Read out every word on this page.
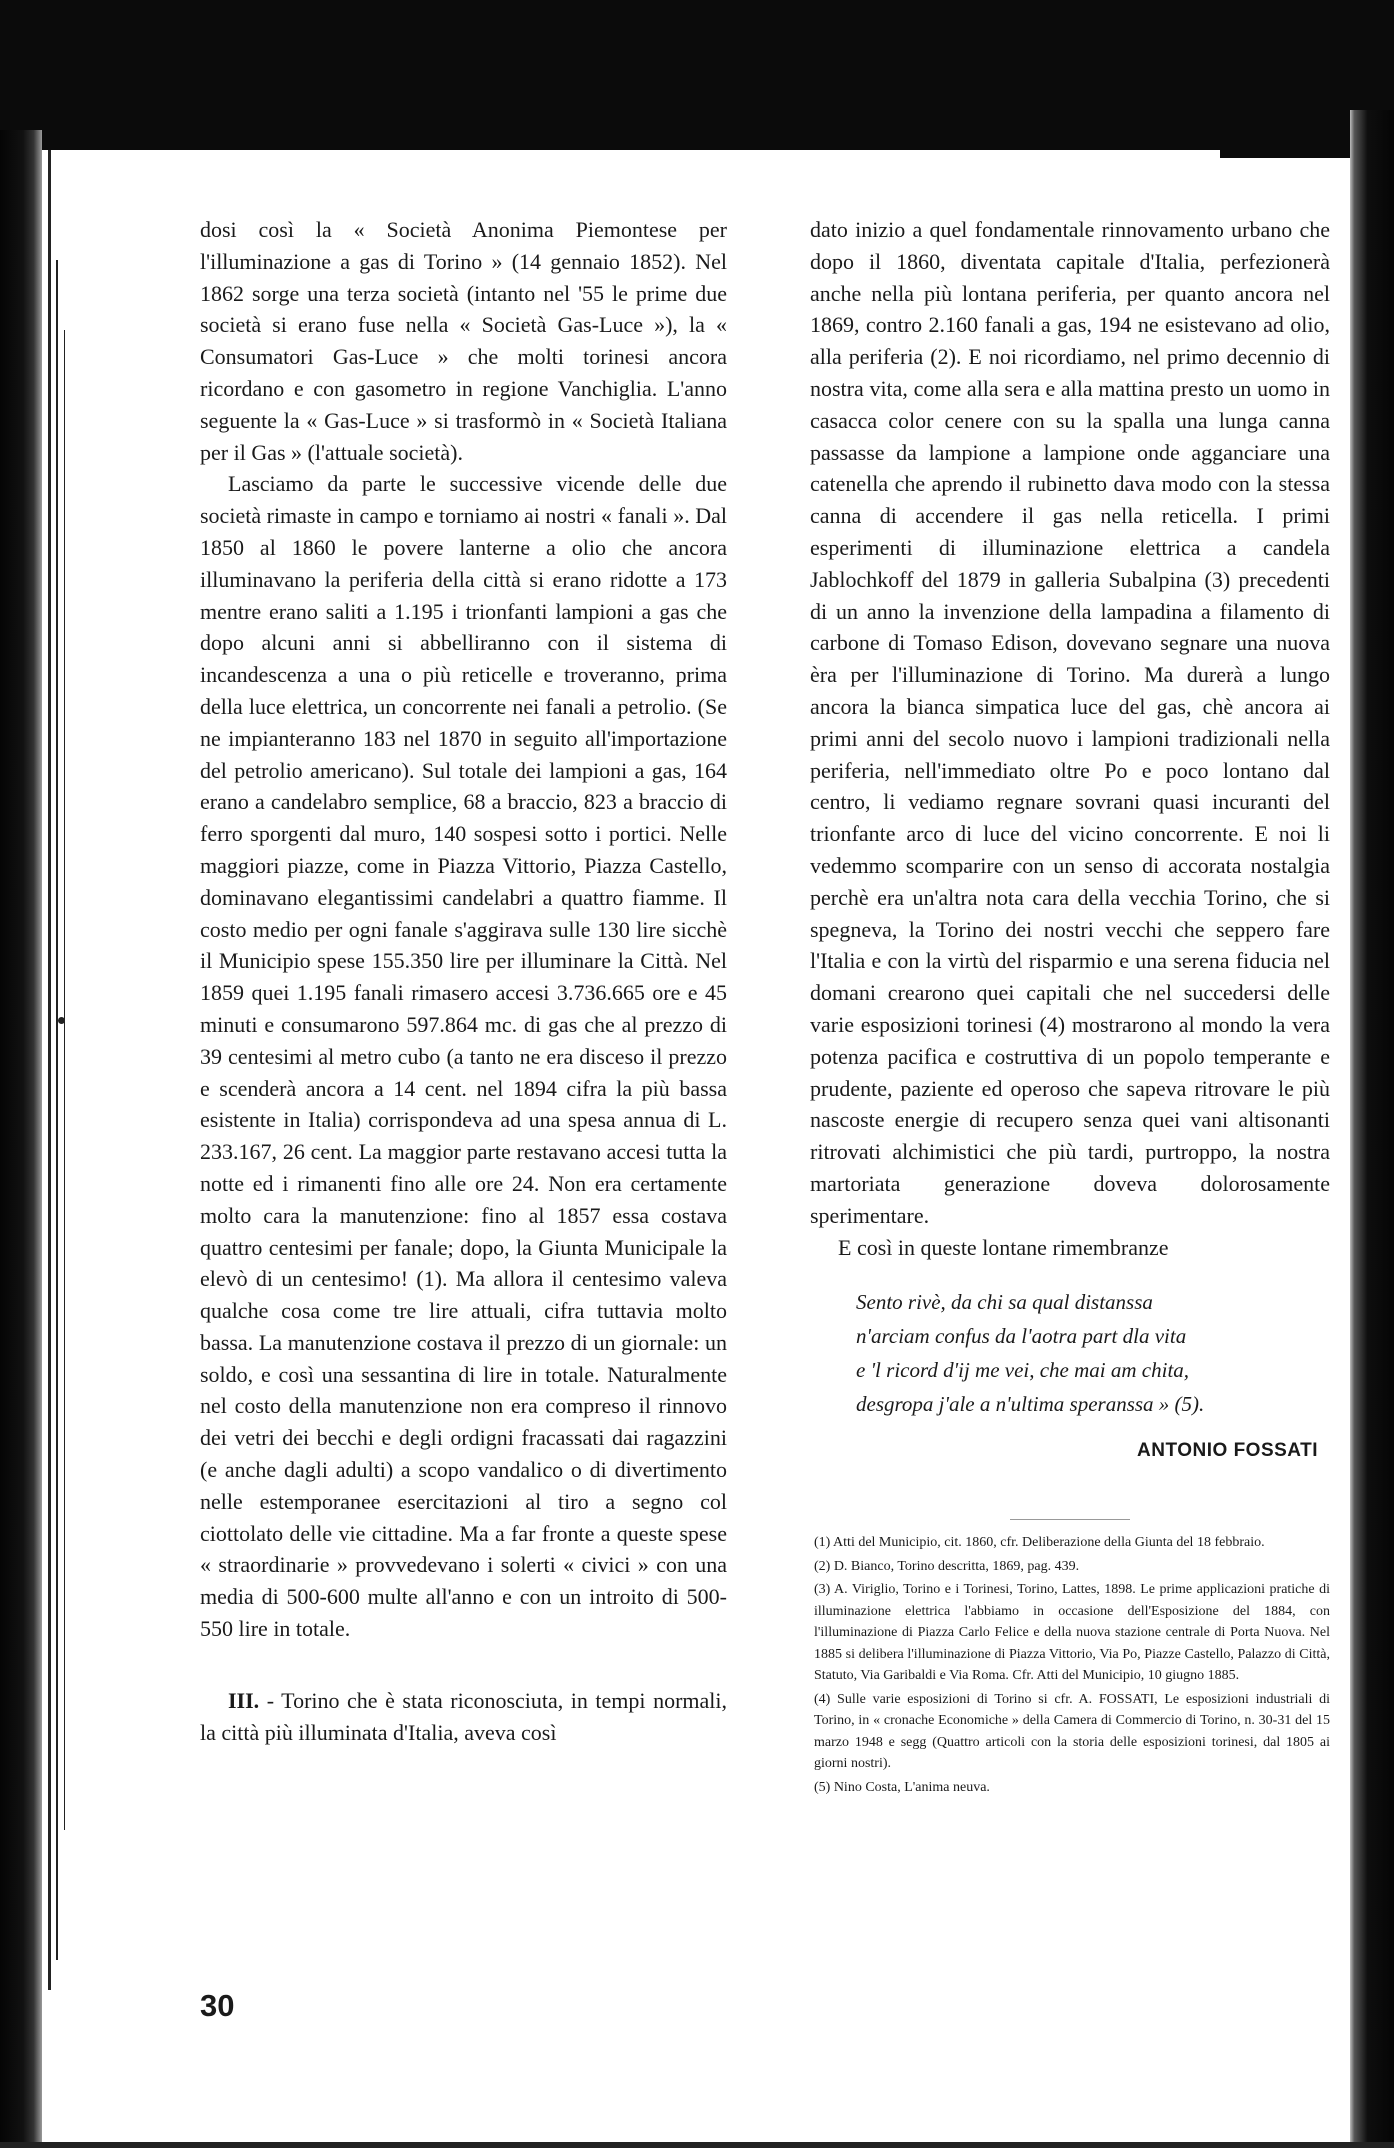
dosi così la « Società Anonima Piemontese per l'illuminazione a gas di Torino » (14 gennaio 1852). Nel 1862 sorge una terza società (intanto nel '55 le prime due società si erano fuse nella « Società Gas-Luce »), la « Consumatori Gas-Luce » che molti torinesi ancora ricordano e con gasometro in regione Vanchiglia. L'anno seguente la « Gas-Luce » si trasformò in « Società Italiana per il Gas » (l'attuale società).

Lasciamo da parte le successive vicende delle due società rimaste in campo e torniamo ai nostri « fanali ». Dal 1850 al 1860 le povere lanterne a olio che ancora illuminavano la periferia della città si erano ridotte a 173 mentre erano saliti a 1.195 i trionfanti lampioni a gas che dopo alcuni anni si abbelliranno con il sistema di incandescenza a una o più reticelle e troveranno, prima della luce elettrica, un concorrente nei fanali a petrolio. (Se ne impianteranno 183 nel 1870 in seguito all'importazione del petrolio americano). Sul totale dei lampioni a gas, 164 erano a candelabro semplice, 68 a braccio, 823 a braccio di ferro sporgenti dal muro, 140 sospesi sotto i portici. Nelle maggiori piazze, come in Piazza Vittorio, Piazza Castello, dominavano elegantissimi candelabri a quattro fiamme. Il costo medio per ogni fanale s'aggirava sulle 130 lire sicchè il Municipio spese 155.350 lire per illuminare la Città. Nel 1859 quei 1.195 fanali rimasero accesi 3.736.665 ore e 45 minuti e consumarono 597.864 mc. di gas che al prezzo di 39 centesimi al metro cubo (a tanto ne era disceso il prezzo e scenderà ancora a 14 cent. nel 1894 cifra la più bassa esistente in Italia) corrispondeva ad una spesa annua di L. 233.167, 26 cent. La maggior parte restavano accesi tutta la notte ed i rimanenti fino alle ore 24. Non era certamente molto cara la manutenzione: fino al 1857 essa costava quattro centesimi per fanale; dopo, la Giunta Municipale la elevò di un centesimo! (1). Ma allora il centesimo valeva qualche cosa come tre lire attuali, cifra tuttavia molto bassa. La manutenzione costava il prezzo di un giornale: un soldo, e così una sessantina di lire in totale. Naturalmente nel costo della manutenzione non era compreso il rinnovo dei vetri dei becchi e degli ordigni fracassati dai ragazzini (e anche dagli adulti) a scopo vandalico o di divertimento nelle estemporanee esercitazioni al tiro a segno col ciottolato delle vie cittadine. Ma a far fronte a queste spese « straordinarie » provvedevano i solerti « civici » con una media di 500-600 multe all'anno e con un introito di 500-550 lire in totale.

III. - Torino che è stata riconosciuta, in tempi normali, la città più illuminata d'Italia, aveva così

dato inizio a quel fondamentale rinnovamento urbano che dopo il 1860, diventata capitale d'Italia, perfezionerà anche nella più lontana periferia, per quanto ancora nel 1869, contro 2.160 fanali a gas, 194 ne esistevano ad olio, alla periferia (2). E noi ricordiamo, nel primo decennio di nostra vita, come alla sera e alla mattina presto un uomo in casacca color cenere con su la spalla una lunga canna passasse da lampione a lampione onde agganciare una catenella che aprendo il rubinetto dava modo con la stessa canna di accendere il gas nella reticella. I primi esperimenti di illuminazione elettrica a candela Jablochkoff del 1879 in galleria Subalpina (3) precedenti di un anno la invenzione della lampadina a filamento di carbone di Tomaso Edison, dovevano segnare una nuova èra per l'illuminazione di Torino. Ma durerà a lungo ancora la bianca simpatica luce del gas, chè ancora ai primi anni del secolo nuovo i lampioni tradizionali nella periferia, nell'immediato oltre Po e poco lontano dal centro, li vediamo regnare sovrani quasi incuranti del trionfante arco di luce del vicino concorrente. E noi li vedemmo scomparire con un senso di accorata nostalgia perchè era un'altra nota cara della vecchia Torino, che si spegneva, la Torino dei nostri vecchi che seppero fare l'Italia e con la virtù del risparmio e una serena fiducia nel domani crearono quei capitali che nel succedersi delle varie esposizioni torinesi (4) mostrarono al mondo la vera potenza pacifica e costruttiva di un popolo temperante e prudente, paziente ed operoso che sapeva ritrovare le più nascoste energie di recupero senza quei vani altisonanti ritrovati alchimistici che più tardi, purtroppo, la nostra martoriata generazione doveva dolorosamente sperimentare.

E così in queste lontane rimembranze

Sento rivè, da chi sa qual distanssa
n'arciam confus da l'aotra part dla vita
e 'l ricord d'ij me vei, che mai am chita,
desgropa j'ale a n'ultima speranssa » (5).
ANTONIO FOSSATI
(1) Atti del Municipio, cit. 1860, cfr. Deliberazione della Giunta del 18 febbraio.
(2) D. Bianco, Torino descritta, 1869, pag. 439.
(3) A. Viriglio, Torino e i Torinesi, Torino, Lattes, 1898. Le prime applicazioni pratiche di illuminazione elettrica l'abbiamo in occasione dell'Esposizione del 1884, con l'illuminazione di Piazza Carlo Felice e della nuova stazione centrale di Porta Nuova. Nel 1885 si delibera l'illuminazione di Piazza Vittorio, Via Po, Piazze Castello, Palazzo di Città, Statuto, Via Garibaldi e Via Roma. Cfr. Atti del Municipio, 10 giugno 1885.
(4) Sulle varie esposizioni di Torino si cfr. A. FOSSATI, Le esposizioni industriali di Torino, in « cronache Economiche » della Camera di Commercio di Torino, n. 30-31 del 15 marzo 1948 e segg (Quattro articoli con la storia delle esposizioni torinesi, dal 1805 ai giorni nostri).
(5) Nino Costa, L'anima neuva.
30
